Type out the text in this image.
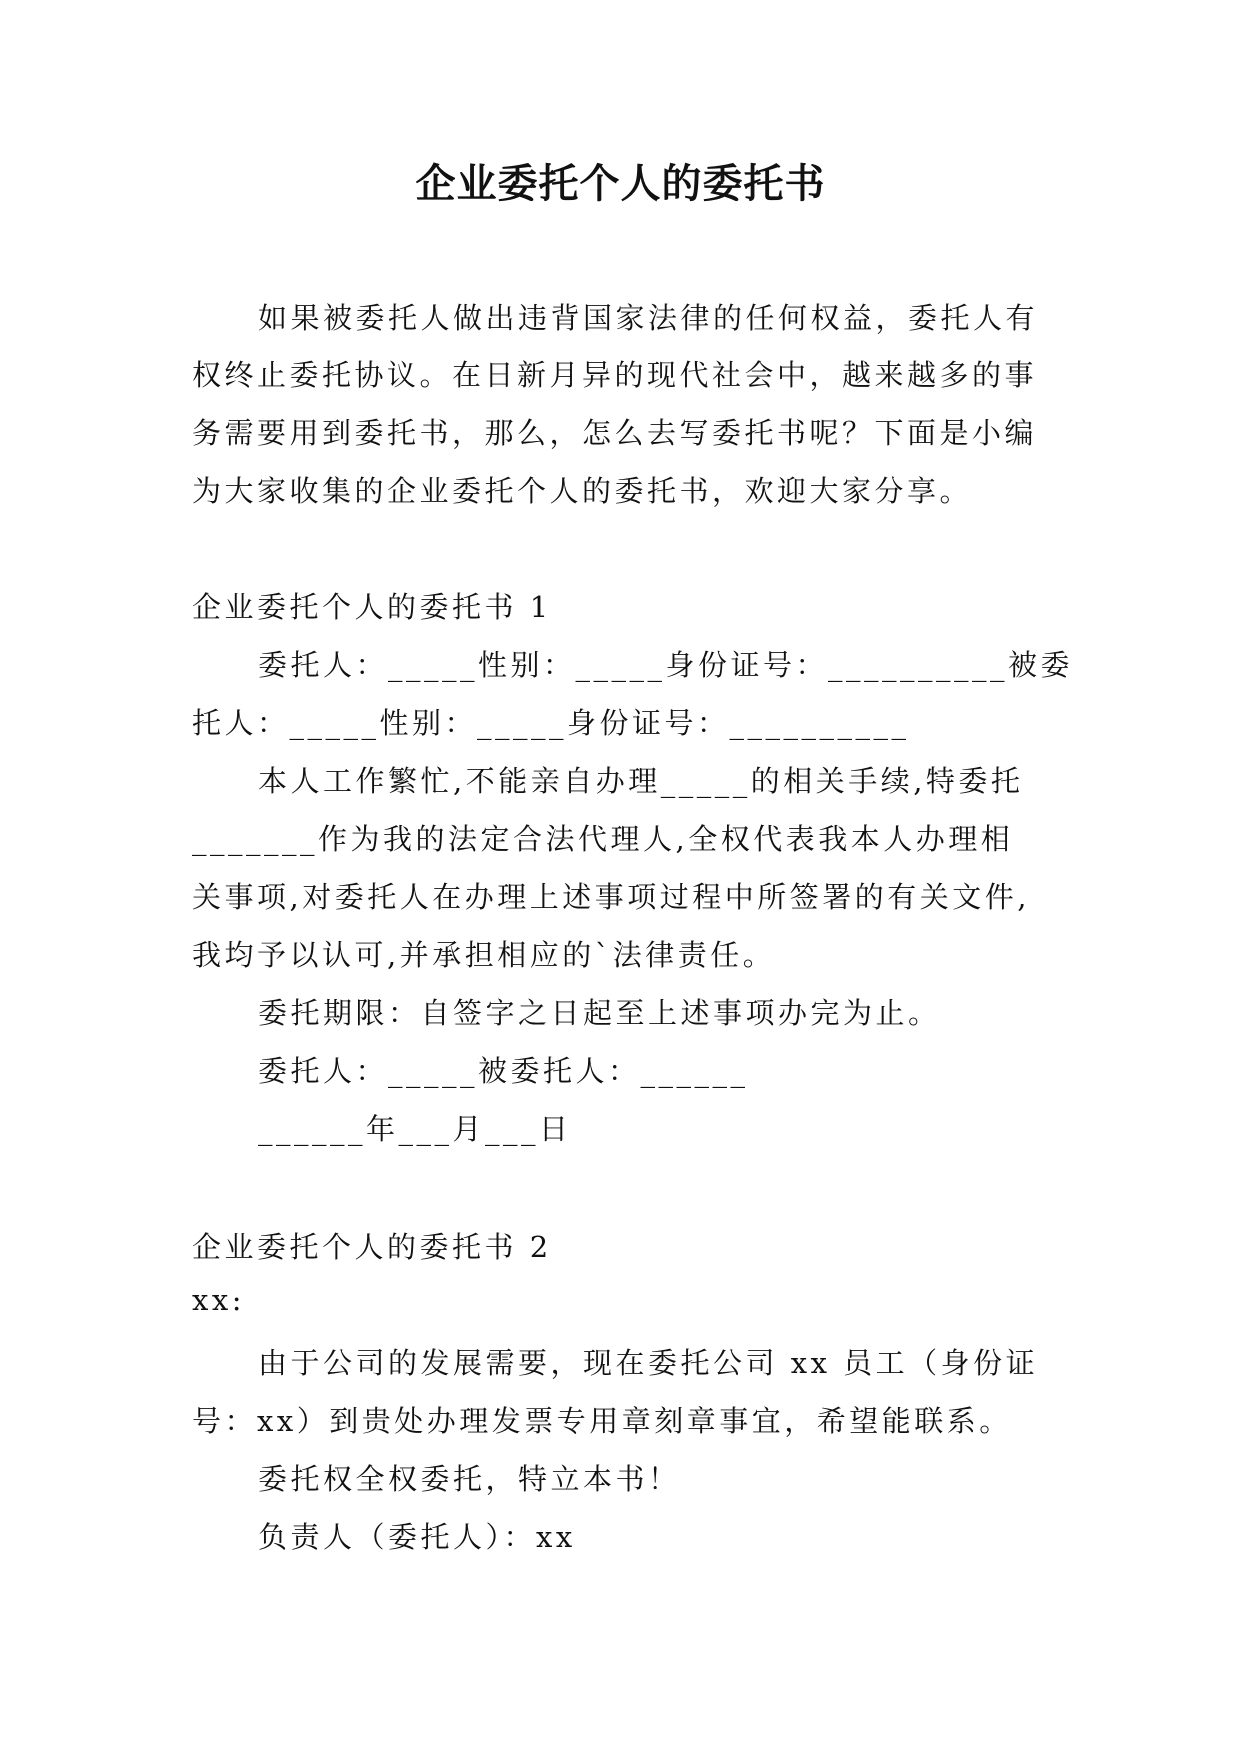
企业委托个人的委托书
如果被委托人做出违背国家法律的任何权益，委托人有
权终止委托协议。在日新月异的现代社会中，越来越多的事
务需要用到委托书，那么，怎么去写委托书呢？下面是小编
为大家收集的企业委托个人的委托书，欢迎大家分享。
企业委托个人的委托书 1
委托人：_____性别：_____身份证号：__________被委
托人：_____性别：_____身份证号：__________
本人工作繁忙,不能亲自办理_____的相关手续,特委托
_______作为我的法定合法代理人,全权代表我本人办理相
关事项,对委托人在办理上述事项过程中所签署的有关文件,
我均予以认可,并承担相应的`法律责任。
委托期限：自签字之日起至上述事项办完为止。
委托人：_____被委托人：______
______年___月___日
企业委托个人的委托书 2
xx:
由于公司的发展需要，现在委托公司 xx 员工（身份证
号：xx）到贵处办理发票专用章刻章事宜，希望能联系。
委托权全权委托，特立本书！
负责人（委托人）：xx
